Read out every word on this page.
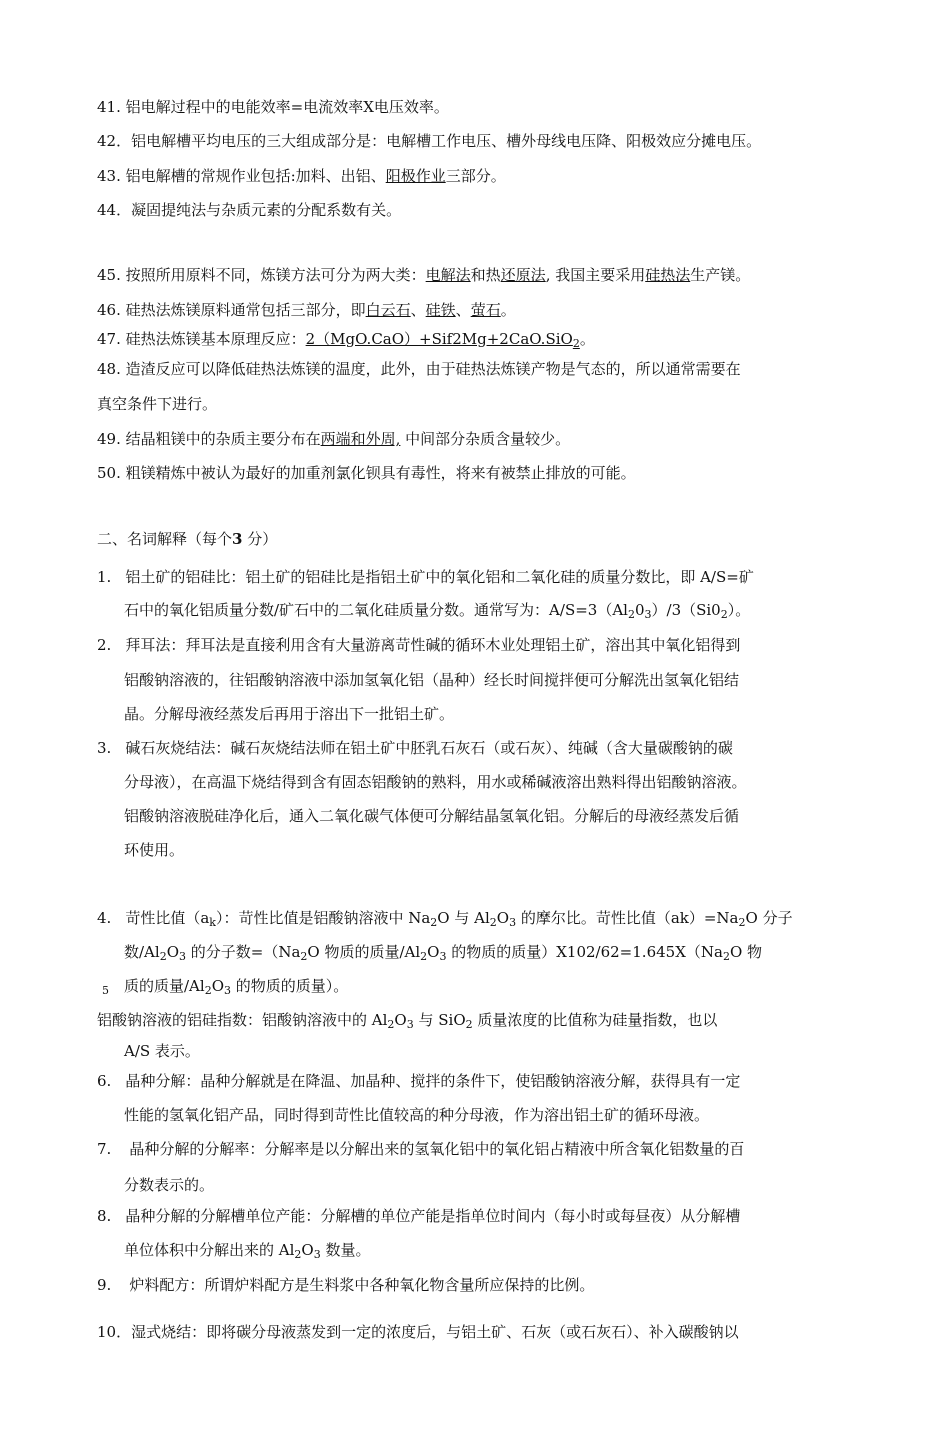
41. 铝电解过程中的电能效率=电流效率Ⅹ电压效率。
42．铝电解槽平均电压的三大组成部分是：电解槽工作电压、槽外母线电压降、阳极效应分摊电压。
43. 铝电解槽的常规作业包括:加料、出铝、阳极作业三部分。
44．凝固提纯法与杂质元素的分配系数有关。
45. 按照所用原料不同，炼镁方法可分为两大类：电解法和热还原法, 我国主要采用硅热法生产镁。
46. 硅热法炼镁原料通常包括三部分，即白云石、硅铁、萤石。
47. 硅热法炼镁基本原理反应：2（MgO.CaO）+Sif2Mg+2CaO.SiO$_2$。
48. 造渣反应可以降低硅热法炼镁的温度，此外，由于硅热法炼镁产物是气态的，所以通常需要在
真空条件下进行。
49. 结晶粗镁中的杂质主要分布在两端和外周, 中间部分杂质含量较少。
50. 粗镁精炼中被认为最好的加重剂氯化钡具有毒性，将来有被禁止排放的可能。
二、名词解释（每个3 分）
1. 铝土矿的铝硅比：铝土矿的铝硅比是指铝土矿中的氧化铝和二氧化硅的质量分数比，即 A/S=矿
石中的氧化铝质量分数/矿石中的二氧化硅质量分数。通常写为：$A/S=3(Al_20_3)/3(Si0_2)$。
2. 拜耳法：拜耳法是直接利用含有大量游离苛性碱的循环木业处理铝土矿，溶出其中氧化铝得到
铝酸钠溶液的，往铝酸钠溶液中添加氢氧化铝（晶种）经长时间搅拌便可分解洗出氢氧化铝结
晶。分解母液经蒸发后再用于溶出下一批铝土矿。
3. 碱石灰烧结法：碱石灰烧结法师在铝土矿中胚乳石灰石（或石灰）、纯碱（含大量碳酸钠的碳
分母液），在高温下烧结得到含有固态铝酸钠的熟料，用水或稀碱液溶出熟料得出铝酸钠溶液。
铝酸钠溶液脱硅净化后，通入二氧化碳气体便可分解结晶氢氧化铝。分解后的母液经蒸发后循
环使用。
4. 苛性比值$(a_k)$：苛性比值是铝酸钠溶液中 $Na_2O$ 与 $Al_2O_3$ 的摩尔比。苛性比值$(ak)=Na_2O$ 分子
数$/Al_2O_3$ 的分子数$=(Na_2O$ 物质的质量$/Al_2O_3$ 的物质的质量）$Ⅹ102/62=1.645Ⅹ(Na_2O$ 物
5 质的质量$/Al_2O_3$ 的物质的质量）。
铝酸钠溶液的铝硅指数：铝酸钠溶液中的 $Al_2O_3$ 与 SiO$_2$ 质量浓度的比值称为硅量指数，也以
A/S 表示。
6. 晶种分解：晶种分解就是在降温、加晶种、搅拌的条件下，使铝酸钠溶液分解，获得具有一定
性能的氢氧化铝产品，同时得到苛性比值较高的种分母液，作为溶出铝土矿的循环母液。
7. 晶种分解的分解率：分解率是以分解出来的氢氧化铝中的氧化铝占精液中所含氧化铝数量的百
分数表示的。
8. 晶种分解的分解槽单位产能：分解槽的单位产能是指单位时间内（每小时或每昼夜）从分解槽
单位体积中分解出来的 $Al_2O_3$ 数量。
9. 炉料配方：所谓炉料配方是生料浆中各种氧化物含量所应保持的比例。
10．湿式烧结：即将碳分母液蒸发到一定的浓度后，与铝土矿、石灰（或石灰石）、补入碳酸钠以
